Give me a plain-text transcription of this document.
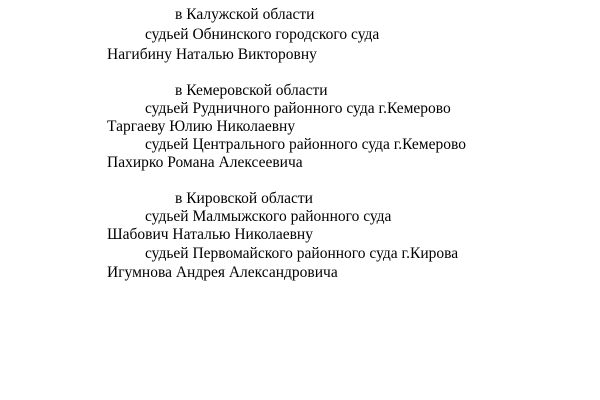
в Калужской области
судьей Обнинского городского суда
Нагибину Наталью Викторовну
в Кемеровской области
судьей Рудничного районного суда г.Кемерово
Таргаеву Юлию Николаевну
судьей Центрального районного суда г.Кемерово
Пахирко Романа Алексеевича
в Кировской области
судьей Малмыжского районного суда
Шабович Наталью Николаевну
судьей Первомайского районного суда г.Кирова
Игумнова Андрея Александровича
